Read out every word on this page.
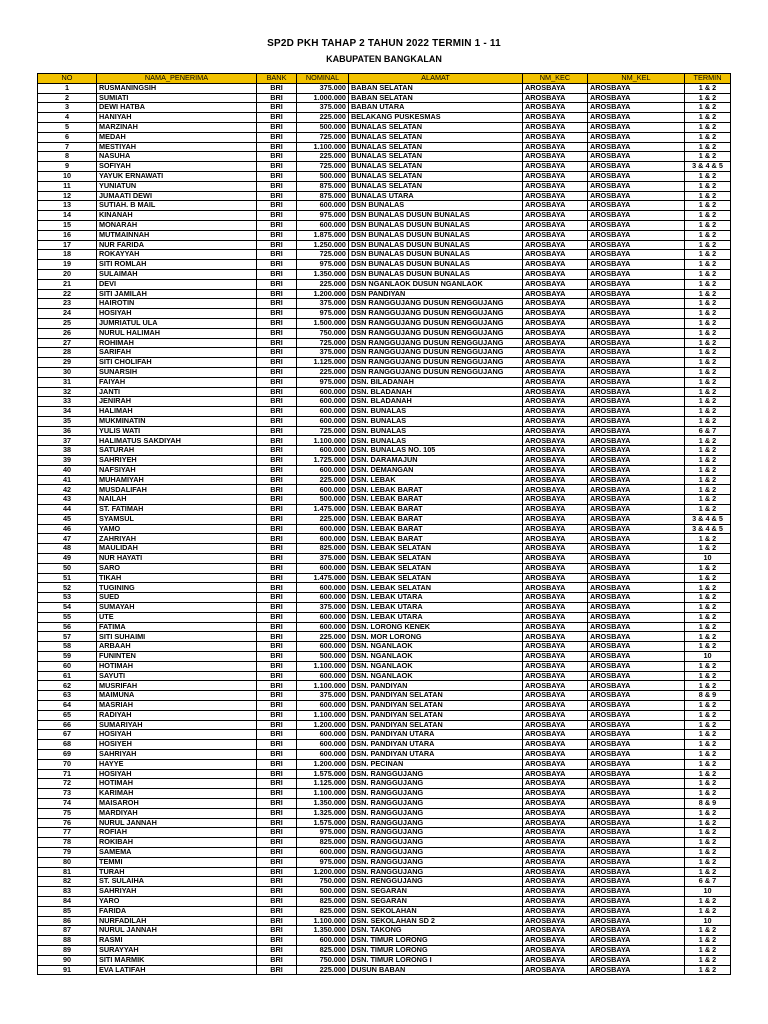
SP2D PKH TAHAP 2 TAHUN 2022 TERMIN 1 - 11
KABUPATEN BANGKALAN
NO	NAMA_PENERIMA	BANK	NOMINAL	ALAMAT	NM_KEC	NM_KEL	TERMIN
1	RUSMANINGSIH	BRI	375.000	BABAN SELATAN	AROSBAYA	AROSBAYA	1 & 2
2	SUMIATI	BRI	1.000.000	BABAN SELATAN	AROSBAYA	AROSBAYA	1 & 2
3	DEWI HATBA	BRI	375.000	BABAN UTARA	AROSBAYA	AROSBAYA	1 & 2
4	HANIYAH	BRI	225.000	BELAKANG PUSKESMAS	AROSBAYA	AROSBAYA	1 & 2
5	MARZINAH	BRI	500.000	BUNALAS SELATAN	AROSBAYA	AROSBAYA	1 & 2
6	MEDAH	BRI	725.000	BUNALAS SELATAN	AROSBAYA	AROSBAYA	1 & 2
7	MESTIYAH	BRI	1.100.000	BUNALAS SELATAN	AROSBAYA	AROSBAYA	1 & 2
8	NASUHA	BRI	225.000	BUNALAS SELATAN	AROSBAYA	AROSBAYA	1 & 2
9	SOFIYAH	BRI	725.000	BUNALAS SELATAN	AROSBAYA	AROSBAYA	3 & 4 & 5
10	YAYUK ERNAWATI	BRI	500.000	BUNALAS SELATAN	AROSBAYA	AROSBAYA	1 & 2
11	YUNIATUN	BRI	875.000	BUNALAS SELATAN	AROSBAYA	AROSBAYA	1 & 2
12	JUMAATI DEWI	BRI	875.000	BUNALAS UTARA	AROSBAYA	AROSBAYA	1 & 2
13	SUTIAH. B MAIL	BRI	600.000	DSN BUNALAS	AROSBAYA	AROSBAYA	1 & 2
14	KINANAH	BRI	975.000	DSN BUNALAS DUSUN BUNALAS	AROSBAYA	AROSBAYA	1 & 2
15	MONARAH	BRI	600.000	DSN BUNALAS DUSUN BUNALAS	AROSBAYA	AROSBAYA	1 & 2
16	MUTMAINNAH	BRI	1.875.000	DSN BUNALAS DUSUN BUNALAS	AROSBAYA	AROSBAYA	1 & 2
17	NUR FARIDA	BRI	1.250.000	DSN BUNALAS DUSUN BUNALAS	AROSBAYA	AROSBAYA	1 & 2
18	ROKAYYAH	BRI	725.000	DSN BUNALAS DUSUN BUNALAS	AROSBAYA	AROSBAYA	1 & 2
19	SITI ROMLAH	BRI	975.000	DSN BUNALAS DUSUN BUNALAS	AROSBAYA	AROSBAYA	1 & 2
20	SULAIMAH	BRI	1.350.000	DSN BUNALAS DUSUN BUNALAS	AROSBAYA	AROSBAYA	1 & 2
21	DEVI	BRI	225.000	DSN NGANLAOK DUSUN NGANLAOK	AROSBAYA	AROSBAYA	1 & 2
22	SITI JAMILAH	BRI	1.200.000	DSN PANDIYAN	AROSBAYA	AROSBAYA	1 & 2
23	HAIROTIN	BRI	375.000	DSN RANGGUJANG DUSUN RENGGUJANG	AROSBAYA	AROSBAYA	1 & 2
24	HOSIYAH	BRI	975.000	DSN RANGGUJANG DUSUN RENGGUJANG	AROSBAYA	AROSBAYA	1 & 2
25	JUMRIATUL ULA	BRI	1.500.000	DSN RANGGUJANG DUSUN RENGGUJANG	AROSBAYA	AROSBAYA	1 & 2
26	NURUL HALIMAH	BRI	750.000	DSN RANGGUJANG DUSUN RENGGUJANG	AROSBAYA	AROSBAYA	1 & 2
27	ROHIMAH	BRI	725.000	DSN RANGGUJANG DUSUN RENGGUJANG	AROSBAYA	AROSBAYA	1 & 2
28	SARIFAH	BRI	375.000	DSN RANGGUJANG DUSUN RENGGUJANG	AROSBAYA	AROSBAYA	1 & 2
29	SITI CHOLIFAH	BRI	1.125.000	DSN RANGGUJANG DUSUN RENGGUJANG	AROSBAYA	AROSBAYA	1 & 2
30	SUNARSIH	BRI	225.000	DSN RANGGUJANG DUSUN RENGGUJANG	AROSBAYA	AROSBAYA	1 & 2
31	FAIYAH	BRI	975.000	DSN. BILADANAH	AROSBAYA	AROSBAYA	1 & 2
32	JANTI	BRI	600.000	DSN. BLADANAH	AROSBAYA	AROSBAYA	1 & 2
33	JENIRAH	BRI	600.000	DSN. BLADANAH	AROSBAYA	AROSBAYA	1 & 2
34	HALIMAH	BRI	600.000	DSN. BUNALAS	AROSBAYA	AROSBAYA	1 & 2
35	MUKMINATIN	BRI	600.000	DSN. BUNALAS	AROSBAYA	AROSBAYA	1 & 2
36	YULIS WATI	BRI	725.000	DSN. BUNALAS	AROSBAYA	AROSBAYA	6 & 7
37	HALIMATUS SAKDIYAH	BRI	1.100.000	DSN. BUNALAS	AROSBAYA	AROSBAYA	1 & 2
38	SATURAH	BRI	600.000	DSN. BUNALAS NO. 105	AROSBAYA	AROSBAYA	1 & 2
39	SAHRIYEH	BRI	1.725.000	DSN. DARAMAJUN	AROSBAYA	AROSBAYA	1 & 2
40	NAFSIYAH	BRI	600.000	DSN. DEMANGAN	AROSBAYA	AROSBAYA	1 & 2
41	MUHAMIYAH	BRI	225.000	DSN. LEBAK	AROSBAYA	AROSBAYA	1 & 2
42	MUSDALIFAH	BRI	600.000	DSN. LEBAK BARAT	AROSBAYA	AROSBAYA	1 & 2
43	NAILAH	BRI	500.000	DSN. LEBAK BARAT	AROSBAYA	AROSBAYA	1 & 2
44	ST. FATIMAH	BRI	1.475.000	DSN. LEBAK BARAT	AROSBAYA	AROSBAYA	1 & 2
45	SYAMSUL	BRI	225.000	DSN. LEBAK BARAT	AROSBAYA	AROSBAYA	3 & 4 & 5
46	YAMO	BRI	600.000	DSN. LEBAK BARAT	AROSBAYA	AROSBAYA	3 & 4 & 5
47	ZAHRIYAH	BRI	600.000	DSN. LEBAK BARAT	AROSBAYA	AROSBAYA	1 & 2
48	MAULIDAH	BRI	825.000	DSN. LEBAK SELATAN	AROSBAYA	AROSBAYA	1 & 2
49	NUR HAYATI	BRI	375.000	DSN. LEBAK SELATAN	AROSBAYA	AROSBAYA	10
50	SARO	BRI	600.000	DSN. LEBAK SELATAN	AROSBAYA	AROSBAYA	1 & 2
51	TIKAH	BRI	1.475.000	DSN. LEBAK SELATAN	AROSBAYA	AROSBAYA	1 & 2
52	TUGINING	BRI	600.000	DSN. LEBAK SELATAN	AROSBAYA	AROSBAYA	1 & 2
53	SUED	BRI	600.000	DSN. LEBAK UTARA	AROSBAYA	AROSBAYA	1 & 2
54	SUMAYAH	BRI	375.000	DSN. LEBAK UTARA	AROSBAYA	AROSBAYA	1 & 2
55	UTE	BRI	600.000	DSN. LEBAK UTARA	AROSBAYA	AROSBAYA	1 & 2
56	FATIMA	BRI	600.000	DSN. LORONG KENEK	AROSBAYA	AROSBAYA	1 & 2
57	SITI SUHAIMI	BRI	225.000	DSN. MOR LORONG	AROSBAYA	AROSBAYA	1 & 2
58	ARBAAH	BRI	600.000	DSN. NGANLAOK	AROSBAYA	AROSBAYA	1 & 2
59	FUNINTEN	BRI	500.000	DSN. NGANLAOK	AROSBAYA	AROSBAYA	10
60	HOTIMAH	BRI	1.100.000	DSN. NGANLAOK	AROSBAYA	AROSBAYA	1 & 2
61	SAYUTI	BRI	600.000	DSN. NGANLAOK	AROSBAYA	AROSBAYA	1 & 2
62	MUSRIFAH	BRI	1.100.000	DSN. PANDIYAN	AROSBAYA	AROSBAYA	1 & 2
63	MAIMUNA	BRI	375.000	DSN. PANDIYAN SELATAN	AROSBAYA	AROSBAYA	8 & 9
64	MASRIAH	BRI	600.000	DSN. PANDIYAN SELATAN	AROSBAYA	AROSBAYA	1 & 2
65	RADIYAH	BRI	1.100.000	DSN. PANDIYAN SELATAN	AROSBAYA	AROSBAYA	1 & 2
66	SUMARIYAH	BRI	1.200.000	DSN. PANDIYAN SELATAN	AROSBAYA	AROSBAYA	1 & 2
67	HOSIYAH	BRI	600.000	DSN. PANDIYAN UTARA	AROSBAYA	AROSBAYA	1 & 2
68	HOSIYEH	BRI	600.000	DSN. PANDIYAN UTARA	AROSBAYA	AROSBAYA	1 & 2
69	SAHRIYAH	BRI	600.000	DSN. PANDIYAN UTARA	AROSBAYA	AROSBAYA	1 & 2
70	HAYYE	BRI	1.200.000	DSN. PECINAN	AROSBAYA	AROSBAYA	1 & 2
71	HOSIYAH	BRI	1.575.000	DSN. RANGGUJANG	AROSBAYA	AROSBAYA	1 & 2
72	HOTIMAH	BRI	1.125.000	DSN. RANGGUJANG	AROSBAYA	AROSBAYA	1 & 2
73	KARIMAH	BRI	1.100.000	DSN. RANGGUJANG	AROSBAYA	AROSBAYA	1 & 2
74	MAISAROH	BRI	1.350.000	DSN. RANGGUJANG	AROSBAYA	AROSBAYA	8 & 9
75	MARDIYAH	BRI	1.325.000	DSN. RANGGUJANG	AROSBAYA	AROSBAYA	1 & 2
76	NURUL JANNAH	BRI	1.575.000	DSN. RANGGUJANG	AROSBAYA	AROSBAYA	1 & 2
77	ROFIAH	BRI	975.000	DSN. RANGGUJANG	AROSBAYA	AROSBAYA	1 & 2
78	ROKIBAH	BRI	825.000	DSN. RANGGUJANG	AROSBAYA	AROSBAYA	1 & 2
79	SAMEMA	BRI	600.000	DSN. RANGGUJANG	AROSBAYA	AROSBAYA	1 & 2
80	TEMMI	BRI	975.000	DSN. RANGGUJANG	AROSBAYA	AROSBAYA	1 & 2
81	TURAH	BRI	1.200.000	DSN. RANGGUJANG	AROSBAYA	AROSBAYA	1 & 2
82	ST. SULAIHA	BRI	750.000	DSN. RENGGUJANG	AROSBAYA	AROSBAYA	6 & 7
83	SAHRIYAH	BRI	500.000	DSN. SEGARAN	AROSBAYA	AROSBAYA	10
84	YARO	BRI	825.000	DSN. SEGARAN	AROSBAYA	AROSBAYA	1 & 2
85	FARIDA	BRI	825.000	DSN. SEKOLAHAN	AROSBAYA	AROSBAYA	1 & 2
86	NURFADILAH	BRI	1.100.000	DSN. SEKOLAHAN SD 2	AROSBAYA	AROSBAYA	10
87	NURUL JANNAH	BRI	1.350.000	DSN. TAKONG	AROSBAYA	AROSBAYA	1 & 2
88	RASMI	BRI	600.000	DSN. TIMUR LORONG	AROSBAYA	AROSBAYA	1 & 2
89	SURAYYAH	BRI	825.000	DSN. TIMUR LORONG	AROSBAYA	AROSBAYA	1 & 2
90	SITI MARMIK	BRI	750.000	DSN. TIMUR LORONG I	AROSBAYA	AROSBAYA	1 & 2
91	EVA LATIFAH	BRI	225.000	DUSUN BABAN	AROSBAYA	AROSBAYA	1 & 2
